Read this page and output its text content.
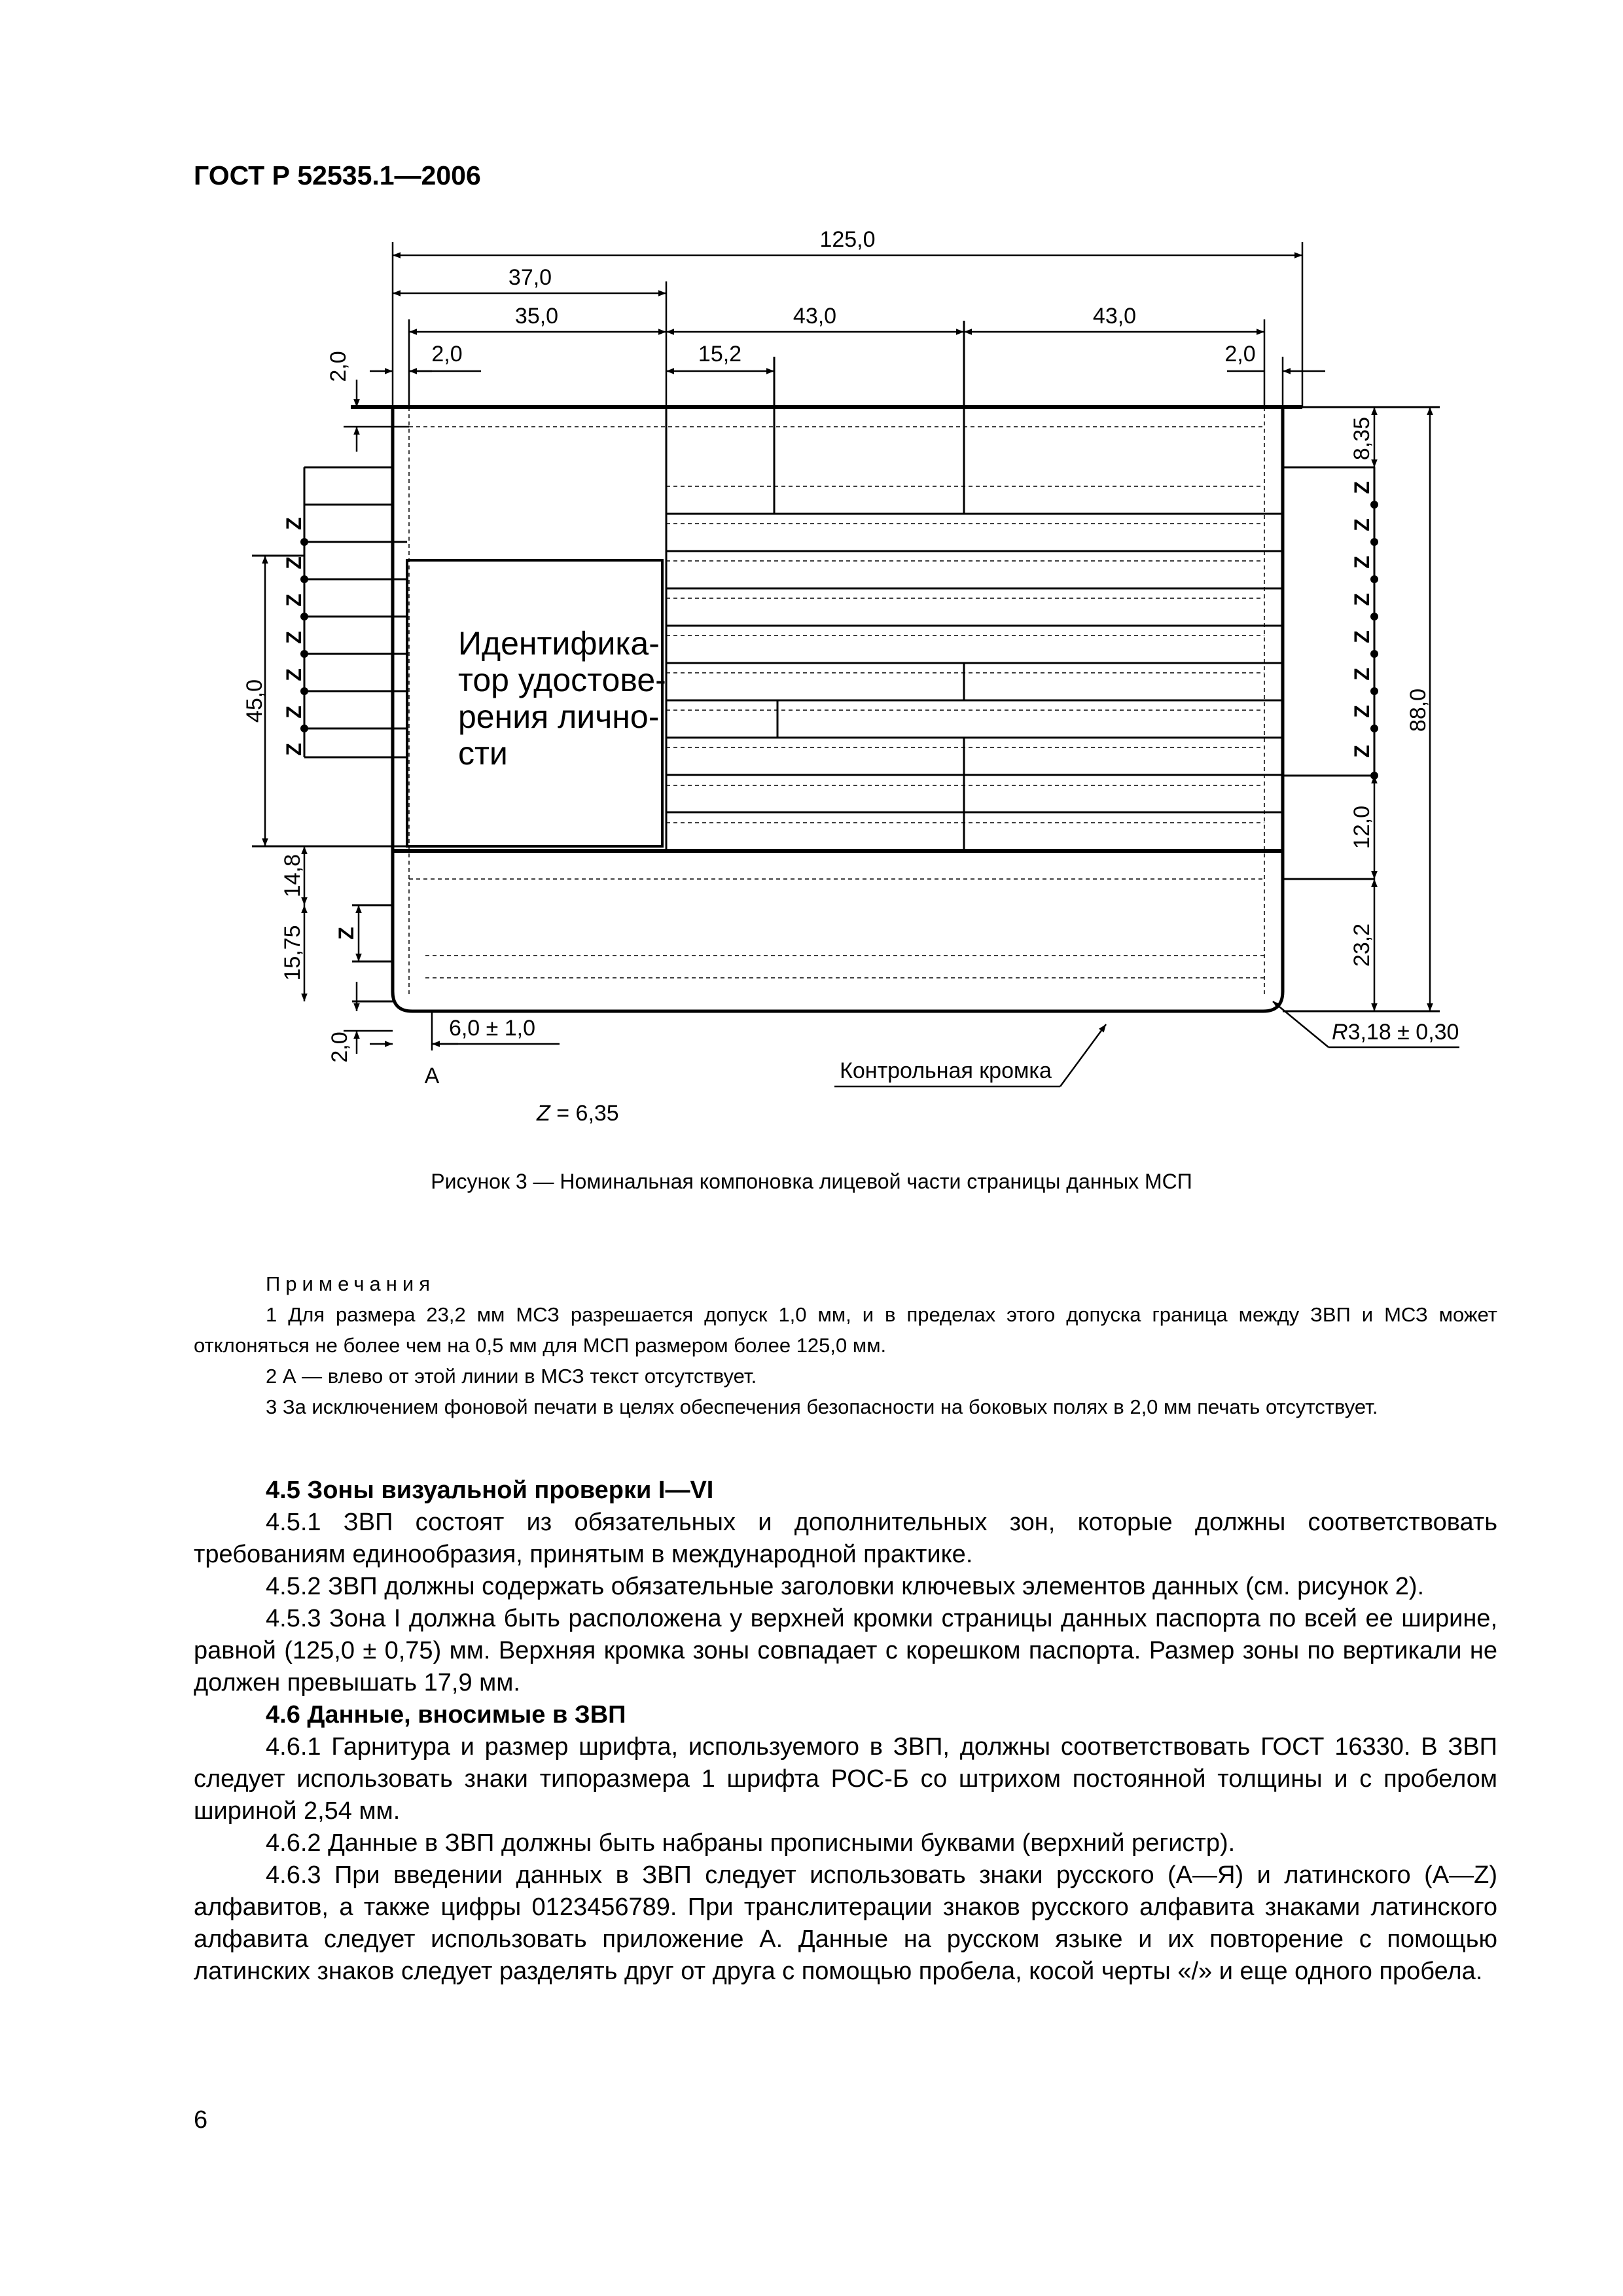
ГОСТ Р 52535.1—2006
Идентифика-
тор удостове-
рения лично-
сти
Z
Z
Z
Z
Z
Z
Z
Z
Z
Z
Z
Z
Z
Z
Z
125,0
37,0
35,0	43,0	43,0
2,0	15,2	2,0
2,0
8,35
12,0
23,2
88,0
45,0
14,8
15,75
2,0
6,0 ± 1,0
Z
R3,18 ± 0,30
A	Контрольная кромка
Z = 6,35
Рисунок 3 — Номинальная компоновка лицевой части страницы данных МСП

Примечания

1 Для размера 23,2 мм МСЗ разрешается допуск 1,0 мм, и в пределах этого допуска граница между ЗВП и МСЗ может отклоняться не более чем на 0,5 мм для МСП размером более 125,0 мм.

2 А — влево от этой линии в МСЗ текст отсутствует.

3 За исключением фоновой печати в целях обеспечения безопасности на боковых полях в 2,0 мм печать отсутствует.

4.5 Зоны визуальной проверки I—VI

4.5.1 ЗВП состоят из обязательных и дополнительных зон, которые должны соответствовать требованиям единообразия, принятым в международной практике.

4.5.2 ЗВП должны содержать обязательные заголовки ключевых элементов данных (см. рисунок 2).

4.5.3 Зона I должна быть расположена у верхней кромки страницы данных паспорта по всей ее ширине, равной (125,0 ± 0,75) мм. Верхняя кромка зоны совпадает с корешком паспорта. Размер зоны по вертикали не должен превышать 17,9 мм.

4.6 Данные, вносимые в ЗВП

4.6.1 Гарнитура и размер шрифта, используемого в ЗВП, должны соответствовать ГОСТ 16330. В ЗВП следует использовать знаки типоразмера 1 шрифта РОС-Б со штрихом постоянной толщины и с пробелом шириной 2,54 мм.

4.6.2 Данные в ЗВП должны быть набраны прописными буквами (верхний регистр).

4.6.3 При введении данных в ЗВП следует использовать знаки русского (А—Я) и латинского (A—Z) алфавитов, а также цифры 0123456789. При транслитерации знаков русского алфавита знаками латинского алфавита следует использовать приложение А. Данные на русском языке и их повторение с помощью латинских знаков следует разделять друг от друга с помощью пробела, косой черты «/» и еще одного пробела.

6
